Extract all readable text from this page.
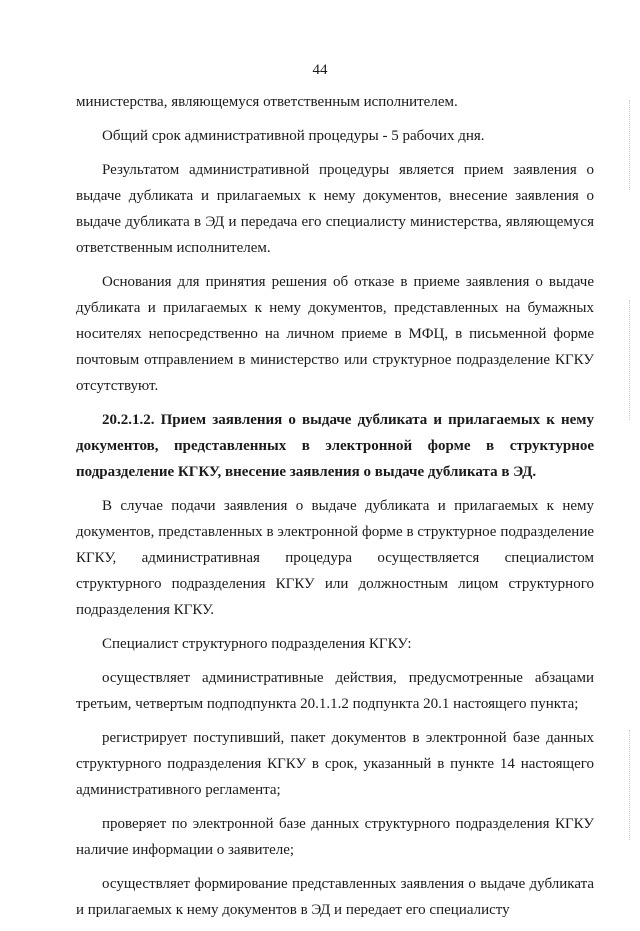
44

министерства, являющемуся ответственным исполнителем.

Общий срок административной процедуры - 5 рабочих дня.

Результатом административной процедуры является прием заявления о выдаче дубликата и прилагаемых к нему документов, внесение заявления о выдаче дубликата в ЭД и передача его специалисту министерства, являющемуся ответственным исполнителем.

Основания для принятия решения об отказе в приеме заявления о выдаче дубликата и прилагаемых к нему документов, представленных на бумажных носителях непосредственно на личном приеме в МФЦ, в письменной форме почтовым отправлением в министерство или структурное подразделение КГКУ отсутствуют.

20.2.1.2. Прием заявления о выдаче дубликата и прилагаемых к нему документов, представленных в электронной форме в структурное подразделение КГКУ, внесение заявления о выдаче дубликата в ЭД.

В случае подачи заявления о выдаче дубликата и прилагаемых к нему документов, представленных в электронной форме в структурное подразделение КГКУ, административная процедура осуществляется специалистом структурного подразделения КГКУ или должностным лицом структурного подразделения КГКУ.

Специалист структурного подразделения КГКУ:

осуществляет административные действия, предусмотренные абзацами третьим, четвертым подподпункта 20.1.1.2 подпункта 20.1 настоящего пункта;

регистрирует поступивший, пакет документов в электронной базе данных структурного подразделения КГКУ в срок, указанный в пункте 14 настоящего административного регламента;

проверяет по электронной базе данных структурного подразделения КГКУ наличие информации о заявителе;

осуществляет формирование представленных заявления о выдаче дубликата и прилагаемых к нему документов в ЭД и передает его специалисту
